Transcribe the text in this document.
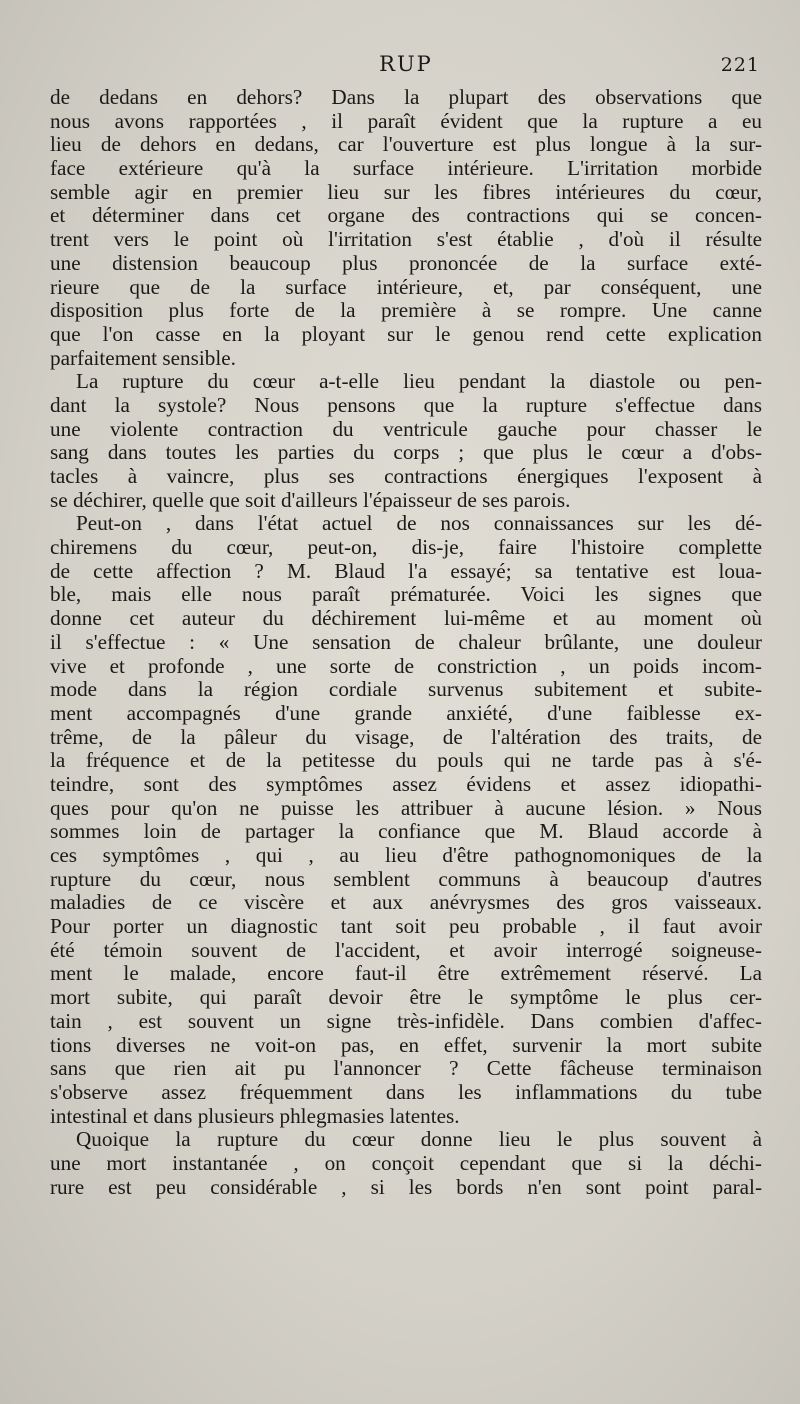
RUP	221
de dedans en dehors? Dans la plupart des observations que
nous avons rapportées , il paraît évident que la rupture a eu
lieu de dehors en dedans, car l'ouverture est plus longue à la sur-
face extérieure qu'à la surface intérieure. L'irritation morbide
semble agir en premier lieu sur les fibres intérieures du cœur,
et déterminer dans cet organe des contractions qui se concen-
trent vers le point où l'irritation s'est établie , d'où il résulte
une distension beaucoup plus prononcée de la surface exté-
rieure que de la surface intérieure, et, par conséquent, une
disposition plus forte de la première à se rompre. Une canne
que l'on casse en la ployant sur le genou rend cette explication
parfaitement sensible.
La rupture du cœur a-t-elle lieu pendant la diastole ou pen-
dant la systole? Nous pensons que la rupture s'effectue dans
une violente contraction du ventricule gauche pour chasser le
sang dans toutes les parties du corps ; que plus le cœur a d'obs-
tacles à vaincre, plus ses contractions énergiques l'exposent à
se déchirer, quelle que soit d'ailleurs l'épaisseur de ses parois.
Peut-on , dans l'état actuel de nos connaissances sur les dé-
chiremens du cœur, peut-on, dis-je, faire l'histoire complette
de cette affection ? M. Blaud l'a essayé; sa tentative est loua-
ble, mais elle nous paraît prématurée. Voici les signes que
donne cet auteur du déchirement lui-même et au moment où
il s'effectue : « Une sensation de chaleur brûlante, une douleur
vive et profonde , une sorte de constriction , un poids incom-
mode dans la région cordiale survenus subitement et subite-
ment accompagnés d'une grande anxiété, d'une faiblesse ex-
trême, de la pâleur du visage, de l'altération des traits, de
la fréquence et de la petitesse du pouls qui ne tarde pas à s'é-
teindre, sont des symptômes assez évidens et assez idiopathi-
ques pour qu'on ne puisse les attribuer à aucune lésion. » Nous
sommes loin de partager la confiance que M. Blaud accorde à
ces symptômes , qui , au lieu d'être pathognomoniques de la
rupture du cœur, nous semblent communs à beaucoup d'autres
maladies de ce viscère et aux anévrysmes des gros vaisseaux.
Pour porter un diagnostic tant soit peu probable , il faut avoir
été témoin souvent de l'accident, et avoir interrogé soigneuse-
ment le malade, encore faut-il être extrêmement réservé. La
mort subite, qui paraît devoir être le symptôme le plus cer-
tain , est souvent un signe très-infidèle. Dans combien d'affec-
tions diverses ne voit-on pas, en effet, survenir la mort subite
sans que rien ait pu l'annoncer ? Cette fâcheuse terminaison
s'observe assez fréquemment dans les inflammations du tube
intestinal et dans plusieurs phlegmasies latentes.
Quoique la rupture du cœur donne lieu le plus souvent à
une mort instantanée , on conçoit cependant que si la déchi-
rure est peu considérable , si les bords n'en sont point paral-
